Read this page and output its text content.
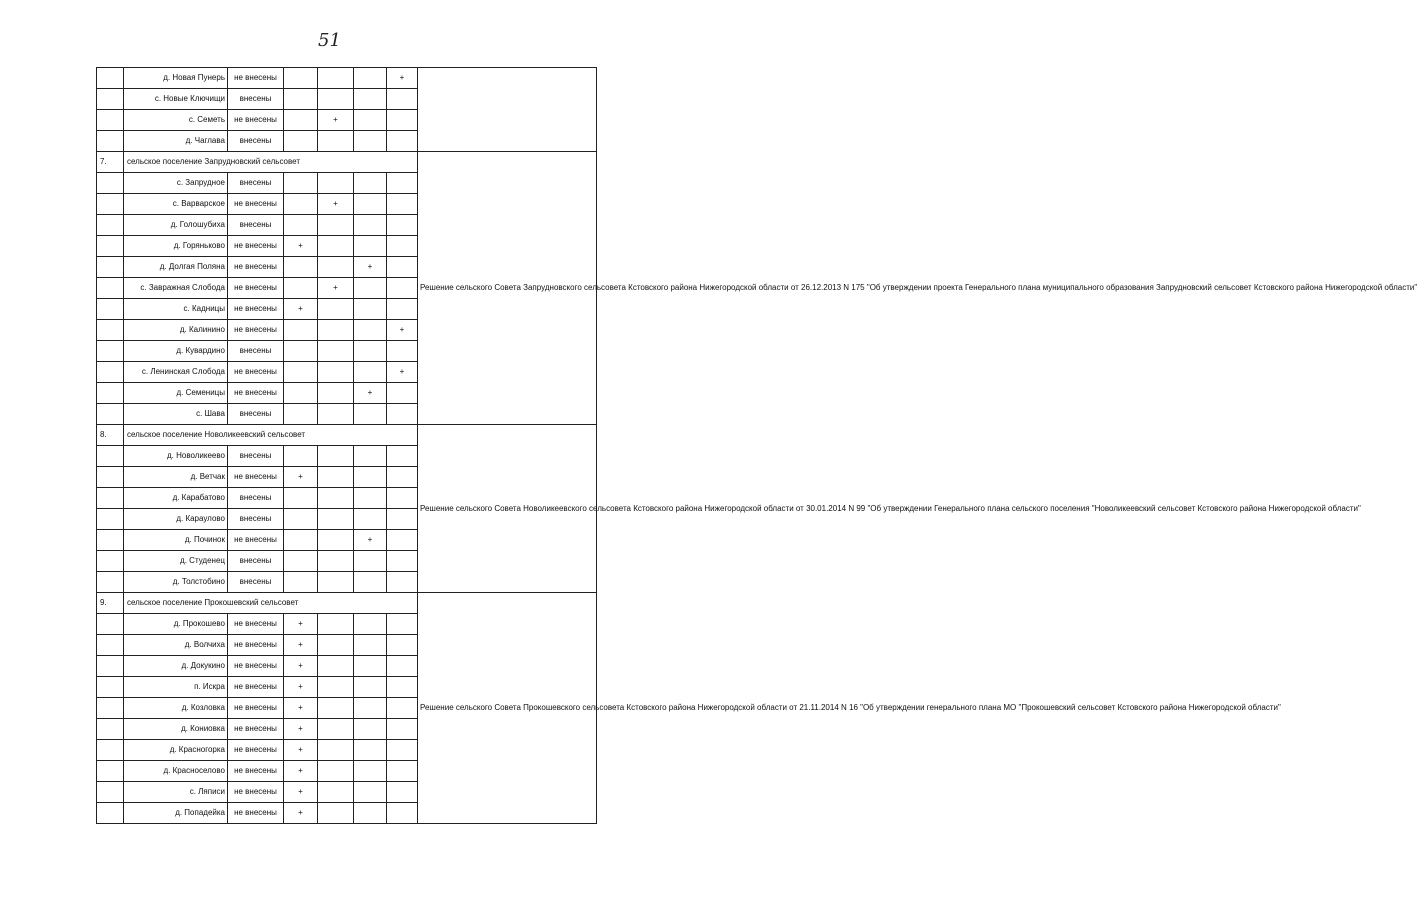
51
	д. Новая Пунерь	не внесены				+	
	с. Новые Ключищи	внесены					
	с. Семеть	не внесены		+			
	д. Чаглава	внесены					
7.	сельское поселение Запрудновский сельсовет						Решение сельского Совета Запрудновского сельсовета Кстовского района Нижегородской области от 26.12.2013 N 175 "Об утверждении проекта Генерального плана муниципального образования Запрудновский сельсовет Кстовского района Нижегородской области"
	с. Запрудное	внесены					
	с. Варварское	не внесены		+			
	д. Голошубиха	внесены					
	д. Горяньково	не внесены	+				
	д. Долгая Поляна	не внесены			+		
	с. Завражная Слобода	не внесены		+			
	с. Кадницы	не внесены	+				
	д. Калинино	не внесены				+	
	д. Кувардино	внесены					
	с. Ленинская Слобода	не внесены				+	
	д. Семеницы	не внесены			+		
	с. Шава	внесены					
8.	сельское поселение Новоликеевский сельсовет						Решение сельского Совета Новоликеевского сельсовета Кстовского района Нижегородской области от 30.01.2014 N 99 "Об утверждении Генерального плана сельского поселения "Новоликеевский сельсовет Кстовского района Нижегородской области"
	д. Новоликеево	внесены					
	д. Ветчак	не внесены	+				
	д. Карабатово	внесены					
	д. Караулово	внесены					
	д. Починок	не внесены			+		
	д. Студенец	внесены					
	д. Толстобино	внесены					
9.	сельское поселение Прокошевский сельсовет						Решение сельского Совета Прокошевского сельсовета Кстовского района Нижегородской области от 21.11.2014 N 16 "Об утверждении генерального плана МО "Прокошевский сельсовет Кстовского района Нижегородской области"
	д. Прокошево	не внесены	+				
	д. Волчиха	не внесены	+				
	д. Докукино	не внесены	+				
	п. Искра	не внесены	+				
	д. Козловка	не внесены	+				
	д. Кониовка	не внесены	+				
	д. Красногорка	не внесены	+				
	д. Красноселово	не внесены	+				
	с. Ляписи	не внесены	+				
	д. Попадейка	не внесены	+				
